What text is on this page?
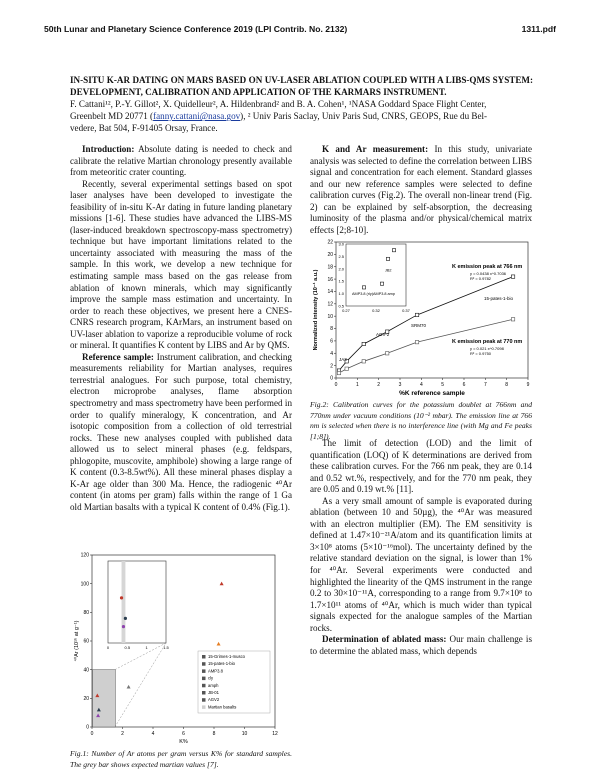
50th Lunar and Planetary Science Conference 2019 (LPI Contrib. No. 2132)	1311.pdf
IN-SITU K-AR DATING ON MARS BASED ON UV-LASER ABLATION COUPLED WITH A LIBS-QMS SYSTEM: DEVELOPMENT, CALIBRATION AND APPLICATION OF THE KARMARS INSTRUMENT.
F. Cattani¹², P.-Y. Gillot², X. Quidelleur², A. Hildenbrand² and B. A. Cohen¹, ¹NASA Goddard Space Flight Center,
Greenbelt MD 20771 (fanny.cattani@nasa.gov), ² Univ Paris Saclay, Univ Paris Sud, CNRS, GEOPS, Rue du Bel-
vedere, Bat 504, F-91405 Orsay, France.

Introduction: Absolute dating is needed to check and calibrate the relative Martian chronology presently available from meteoritic crater counting.

Recently, several experimental settings based on spot laser analyses have been developed to investigate the feasibility of in-situ K-Ar dating in future landing planetary missions [1-6]. These studies have advanced the LIBS-MS (laser-induced breakdown spectroscopy-mass spectrometry) technique but have important limitations related to the uncertainty associated with measuring the mass of the sample. In this work, we develop a new technique for estimating sample mass based on the gas release from ablation of known minerals, which may significantly improve the sample mass estimation and uncertainty. In order to reach these objectives, we present here a CNES-CNRS research program, KArMars, an instrument based on UV-laser ablation to vaporize a reproducible volume of rock or mineral. It quantifies K content by LIBS and Ar by QMS.

Reference sample: Instrument calibration, and checking measurements reliability for Martian analyses, requires terrestrial analogues. For such purpose, total chemistry, electron microprobe analyses, flame absorption spectrometry and mass spectrometry have been performed in order to qualify mineralogy, K concentration, and Ar isotopic composition from a collection of old terrestrial rocks. These new analyses coupled with published data allowed us to select mineral phases (e.g. feldspars, phlogopite, muscovite, amphibole) showing a large range of K content (0.3-8.5wt%). All these mineral phases display a K-Ar age older than 300 Ma. Hence, the radiogenic ⁴⁰Ar content (in atoms per gram) falls within the range of 1 Ga old Martian basalts with a typical K content of 0.4% (Fig.1).

0	2	4	6	8	10	12
0
20
40
60
80
100
120
K%
⁴⁰Ar (10¹⁶ at g⁻¹)	0	0.5	1	1.5
15-Grimes-1-musco
15-pates-1-bio
AMP3.8
cly
amph
JB-01
AGV2
Martian basalts
Fig.1: Number of Ar atoms per gram versus K% for standard samples. The grey bar shows expected martian values [7].

K and Ar measurement: In this study, univariate analysis was selected to define the correlation between LIBS signal and concentration for each element. Standard glasses and our new reference samples were selected to define calibration curves (Fig.2). The overall non-linear trend (Fig. 2) can be explained by self-absorption, the decreasing luminosity of the plasma and/or physical/chemical matrix effects [2;8-10].

0	1	2	3	4	5	6	7	8	9
0
2
4
6
8
10
12
14
16
18
20
22
%K reference sample
Normalized intensity (10⁻¹ a.u.)
K emission peak at 766 nm
y = 0.0438 x^0.7036
R² = 0.9782
K emission peak at 770 nm
y = 0.021 x^0.7098
R² = 0.9750
JA3
AGV-2
SRM70
15-pates-1-bio
0.27	0.32	0.37
0.5
1.0
1.5
2.0
2.5
3.0
AMP3.8 (rly) AMP3.8 amp
JB2
Fig.2: Calibration curves for the potassium doublet at 766nm and 770nm under vacuum conditions (10⁻² mbar). The emission line at 766 nm is selected when there is no interference line (with Mg and Fe peaks [1;8]).

The limit of detection (LOD) and the limit of quantification (LOQ) of K determinations are derived from these calibration curves. For the 766 nm peak, they are 0.14 and 0.52 wt.%, respectively, and for the 770 nm peak, they are 0.05 and 0.19 wt.% [11].

As a very small amount of sample is evaporated during ablation (between 10 and 50µg), the ⁴⁰Ar was measured with an electron multiplier (EM). The EM sensitivity is defined at 1.47×10⁻²¹A/atom and its quantification limits at 3×10⁸ atoms (5×10⁻¹⁶mol). The uncertainty defined by the relative standard deviation on the signal, is lower than 1% for ⁴⁰Ar. Several experiments were conducted and highlighted the linearity of the QMS instrument in the range 0.2 to 30×10⁻¹¹A, corresponding to a range from 9.7×10⁸ to 1.7×10¹¹ atoms of ⁴⁰Ar, which is much wider than typical signals expected for the analogue samples of the Martian rocks.

Determination of ablated mass: Our main challenge is to determine the ablated mass, which depends
